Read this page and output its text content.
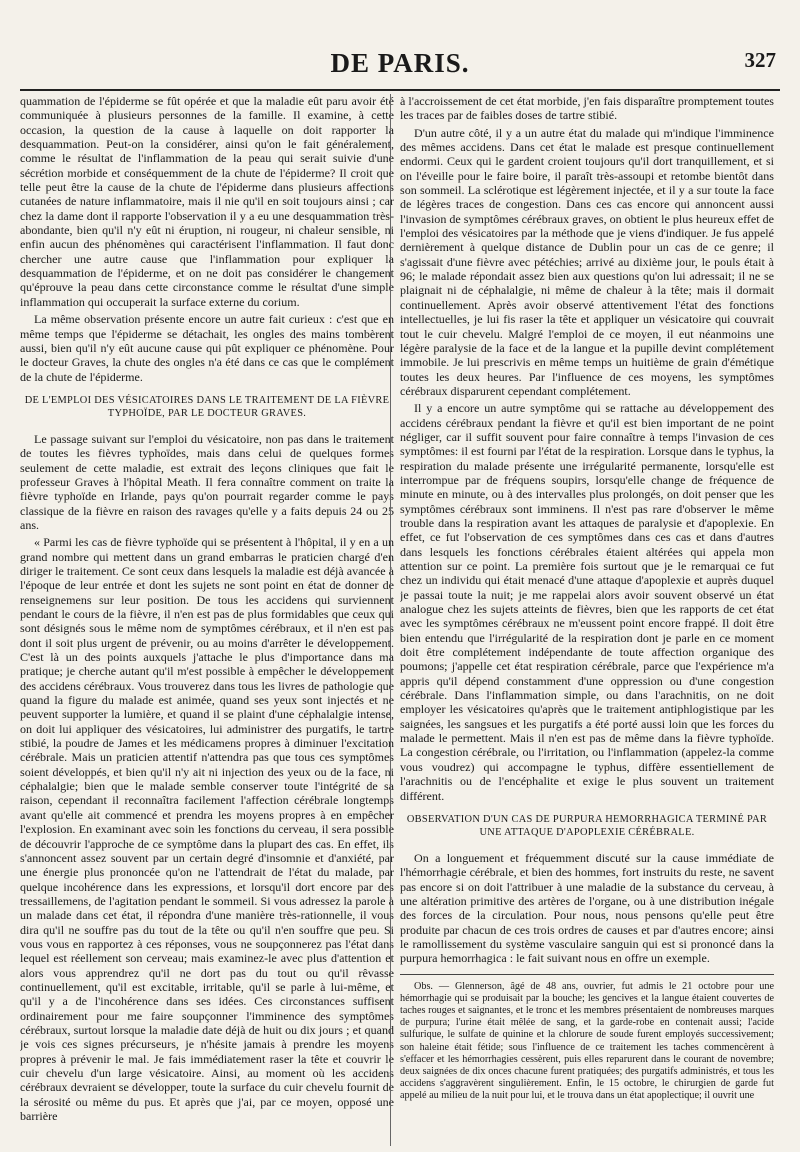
DE PARIS.	327

quammation de l'épiderme se fût opérée et que la maladie eût paru avoir été communiquée à plusieurs personnes de la famille. Il examine, à cette occasion, la question de la cause à laquelle on doit rapporter la desquammation. Peut-on la considérer, ainsi qu'on le fait généralement, comme le résultat de l'inflammation de la peau qui serait suivie d'une sécrétion morbide et conséquemment de la chute de l'épiderme? Il croit que telle peut être la cause de la chute de l'épiderme dans plusieurs affections cutanées de nature inflammatoire, mais il nie qu'il en soit toujours ainsi ; car chez la dame dont il rapporte l'observation il y a eu une desquammation très-abondante, bien qu'il n'y eût ni éruption, ni rougeur, ni chaleur sensible, ni enfin aucun des phénomènes qui caractérisent l'inflammation. Il faut donc chercher une autre cause que l'inflammation pour expliquer la desquammation de l'épiderme, et on ne doit pas considérer le changement qu'éprouve la peau dans cette circonstance comme le résultat d'une simple inflammation qui occuperait la surface externe du corium.

La même observation présente encore un autre fait curieux : c'est que en même temps que l'épiderme se détachait, les ongles des mains tombèrent aussi, bien qu'il n'y eût aucune cause qui pût expliquer ce phénomène. Pour le docteur Graves, la chute des ongles n'a été dans ce cas que le complément de la chute de l'épiderme.

DE L'EMPLOI DES VÉSICATOIRES DANS LE TRAITEMENT DE LA FIÈVRE TYPHOÏDE, PAR LE DOCTEUR GRAVES.

Le passage suivant sur l'emploi du vésicatoire, non pas dans le traitement de toutes les fièvres typhoïdes, mais dans celui de quelques formes seulement de cette maladie, est extrait des leçons cliniques que fait le professeur Graves à l'hôpital Meath. Il fera connaître comment on traite la fièvre typhoïde en Irlande, pays qu'on pourrait regarder comme le pays classique de la fièvre en raison des ravages qu'elle y a faits depuis 24 ou 25 ans.

« Parmi les cas de fièvre typhoïde qui se présentent à l'hôpital, il y en a un grand nombre qui mettent dans un grand embarras le praticien chargé d'en diriger le traitement. Ce sont ceux dans lesquels la maladie est déjà avancée à l'époque de leur entrée et dont les sujets ne sont point en état de donner de renseignemens sur leur position. De tous les accidens qui surviennent pendant le cours de la fièvre, il n'en est pas de plus formidables que ceux qui sont désignés sous le même nom de symptômes cérébraux, et il n'en est pas dont il soit plus urgent de prévenir, ou au moins d'arrêter le développement. C'est là un des points auxquels j'attache le plus d'importance dans ma pratique; je cherche autant qu'il m'est possible à empêcher le développement des accidens cérébraux. Vous trouverez dans tous les livres de pathologie que quand la figure du malade est animée, quand ses yeux sont injectés et ne peuvent supporter la lumière, et quand il se plaint d'une céphalalgie intense, on doit lui appliquer des vésicatoires, lui administrer des purgatifs, le tartre stibié, la poudre de James et les médicamens propres à diminuer l'excitation cérébrale. Mais un praticien attentif n'attendra pas que tous ces symptômes soient développés, et bien qu'il n'y ait ni injection des yeux ou de la face, ni céphalalgie; bien que le malade semble conserver toute l'intégrité de sa raison, cependant il reconnaîtra facilement l'affection cérébrale longtemps avant qu'elle ait commencé et prendra les moyens propres à en empêcher l'explosion. En examinant avec soin les fonctions du cerveau, il sera possible de découvrir l'approche de ce symptôme dans la plupart des cas. En effet, ils s'annoncent assez souvent par un certain degré d'insomnie et d'anxiété, par une énergie plus prononcée qu'on ne l'attendrait de l'état du malade, par quelque incohérence dans les expressions, et lorsqu'il dort encore par des tressaillemens, de l'agitation pendant le sommeil. Si vous adressez la parole à un malade dans cet état, il répondra d'une manière très-rationnelle, il vous dira qu'il ne souffre pas du tout de la tête ou qu'il n'en souffre que peu. Si vous vous en rapportez à ces réponses, vous ne soupçonnerez pas l'état dans lequel est réellement son cerveau; mais examinez-le avec plus d'attention et alors vous apprendrez qu'il ne dort pas du tout ou qu'il rêvasse continuellement, qu'il est excitable, irritable, qu'il se parle à lui-même, et qu'il y a de l'incohérence dans ses idées. Ces circonstances suffisent ordinairement pour me faire soupçonner l'imminence des symptômes cérébraux, surtout lorsque la maladie date déjà de huit ou dix jours ; et quand je vois ces signes précurseurs, je n'hésite jamais à prendre les moyens propres à prévenir le mal. Je fais immédiatement raser la tête et couvrir le cuir chevelu d'un large vésicatoire. Ainsi, au moment où les accidens cérébraux devraient se développer, toute la surface du cuir chevelu fournit de la sérosité ou même du pus. Et après que j'ai, par ce moyen, opposé une barrière

à l'accroissement de cet état morbide, j'en fais disparaître promptement toutes les traces par de faibles doses de tartre stibié.

D'un autre côté, il y a un autre état du malade qui m'indique l'imminence des mêmes accidens. Dans cet état le malade est presque continuellement endormi. Ceux qui le gardent croient toujours qu'il dort tranquillement, et si on l'éveille pour le faire boire, il paraît très-assoupi et retombe bientôt dans son sommeil. La sclérotique est légèrement injectée, et il y a sur toute la face de légères traces de congestion. Dans ces cas encore qui annoncent aussi l'invasion de symptômes cérébraux graves, on obtient le plus heureux effet de l'emploi des vésicatoires par la méthode que je viens d'indiquer. Je fus appelé dernièrement à quelque distance de Dublin pour un cas de ce genre; il s'agissait d'une fièvre avec pétéchies; arrivé au dixième jour, le pouls était à 96; le malade répondait assez bien aux questions qu'on lui adressait; il ne se plaignait ni de céphalalgie, ni même de chaleur à la tête; mais il dormait continuellement. Après avoir observé attentivement l'état des fonctions intellectuelles, je lui fis raser la tête et appliquer un vésicatoire qui couvrait tout le cuir chevelu. Malgré l'emploi de ce moyen, il eut néanmoins une légère paralysie de la face et de la langue et la pupille devint complétement immobile. Je lui prescrivis en même temps un huitième de grain d'émétique toutes les deux heures. Par l'influence de ces moyens, les symptômes cérébraux disparurent cependant complétement.

Il y a encore un autre symptôme qui se rattache au développement des accidens cérébraux pendant la fièvre et qu'il est bien important de ne point négliger, car il suffit souvent pour faire connaître à temps l'invasion de ces symptômes: il est fourni par l'état de la respiration. Lorsque dans le typhus, la respiration du malade présente une irrégularité permanente, lorsqu'elle est interrompue par de fréquens soupirs, lorsqu'elle change de fréquence de minute en minute, ou à des intervalles plus prolongés, on doit penser que les symptômes cérébraux sont imminens. Il n'est pas rare d'observer le même trouble dans la respiration avant les attaques de paralysie et d'apoplexie. En effet, ce fut l'observation de ces symptômes dans ces cas et dans d'autres dans lesquels les fonctions cérébrales étaient altérées qui appela mon attention sur ce point. La première fois surtout que je le remarquai ce fut chez un individu qui était menacé d'une attaque d'apoplexie et auprès duquel je passai toute la nuit; je me rappelai alors avoir souvent observé un état analogue chez les sujets atteints de fièvres, bien que les rapports de cet état avec les symptômes cérébraux ne m'eussent point encore frappé. Il doit être bien entendu que l'irrégularité de la respiration dont je parle en ce moment doit être complétement indépendante de toute affection organique des poumons; j'appelle cet état respiration cérébrale, parce que l'expérience m'a appris qu'il dépend constamment d'une oppression ou d'une congestion cérébrale. Dans l'inflammation simple, ou dans l'arachnitis, on ne doit employer les vésicatoires qu'après que le traitement antiphlogistique par les saignées, les sangsues et les purgatifs a été porté aussi loin que les forces du malade le permettent. Mais il n'en est pas de même dans la fièvre typhoïde. La congestion cérébrale, ou l'irritation, ou l'inflammation (appelez-la comme vous voudrez) qui accompagne le typhus, diffère essentiellement de l'arachnitis ou de l'encéphalite et exige le plus souvent un traitement différent.

OBSERVATION D'UN CAS DE PURPURA HEMORRHAGICA TERMINÉ PAR UNE ATTAQUE D'APOPLEXIE CÉRÉBRALE.

On a longuement et fréquemment discuté sur la cause immédiate de l'hémorrhagie cérébrale, et bien des hommes, fort instruits du reste, ne savent pas encore si on doit l'attribuer à une maladie de la substance du cerveau, à une altération primitive des artères de l'organe, ou à une distribution inégale des forces de la circulation. Pour nous, nous pensons qu'elle peut être produite par chacun de ces trois ordres de causes et par d'autres encore; ainsi le ramollissement du système vasculaire sanguin qui est si prononcé dans la purpura hemorrhagica : le fait suivant nous en offre un exemple.

Obs. — Glennerson, âgé de 48 ans, ouvrier, fut admis le 21 octobre pour une hémorrhagie qui se produisait par la bouche; les gencives et la langue étaient couvertes de taches rouges et saignantes, et le tronc et les membres présentaient de nombreuses marques de purpura; l'urine était mêlée de sang, et la garde-robe en contenait aussi; l'acide sulfurique, le sulfate de quinine et la chlorure de soude furent employés successivement; son haleine était fétide; sous l'influence de ce traitement les taches commencèrent à s'effacer et les hémorrhagies cessèrent, puis elles reparurent dans le courant de novembre; deux saignées de dix onces chacune furent pratiquées; des purgatifs administrés, et tous les accidens s'aggravèrent singulièrement. Enfin, le 15 octobre, le chirurgien de garde fut appelé au milieu de la nuit pour lui, et le trouva dans un état apoplectique; il ouvrit une
